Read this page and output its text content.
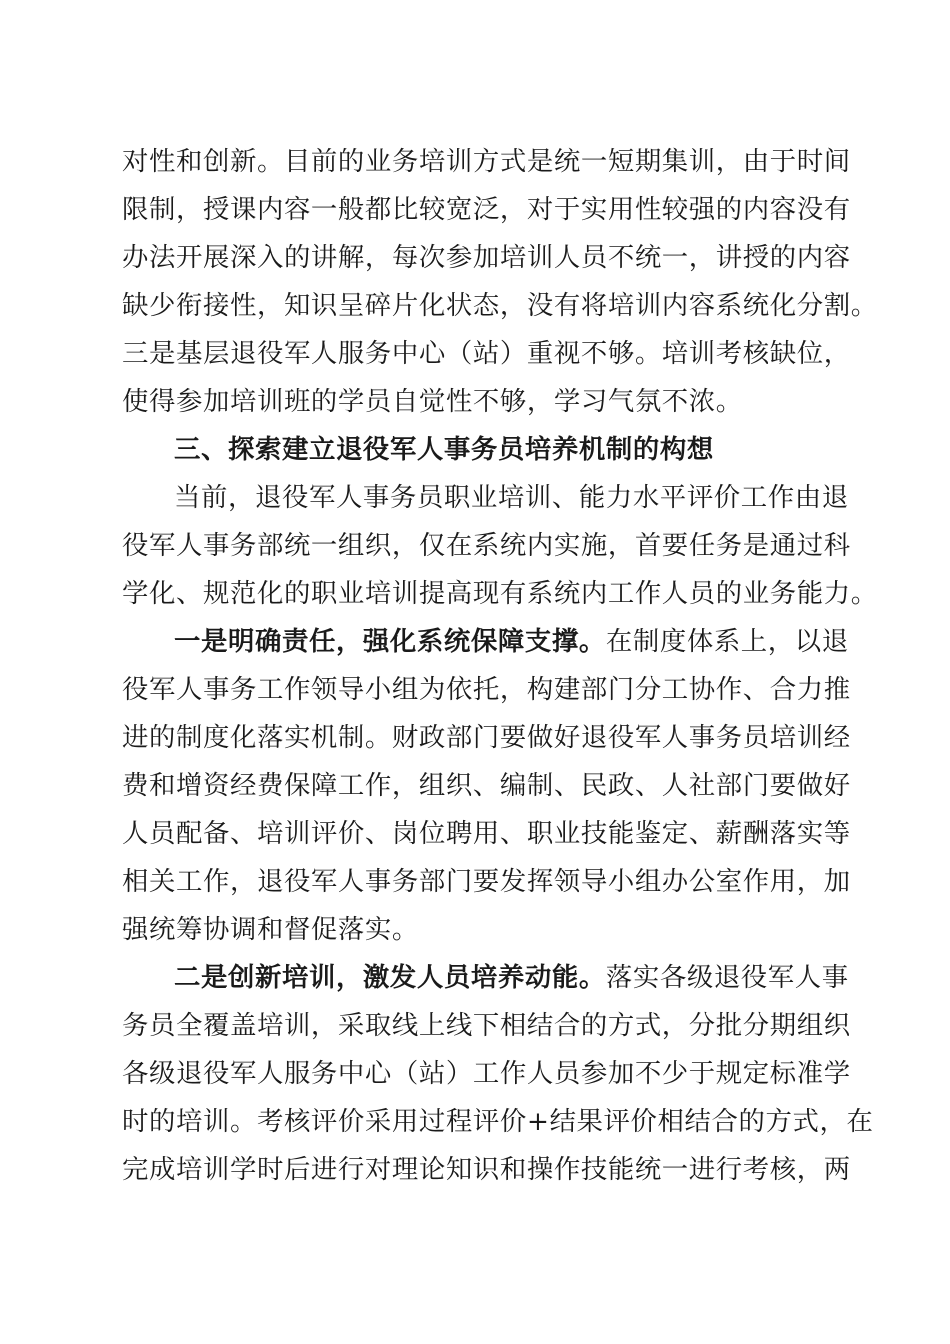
对性和创新。目前的业务培训方式是统一短期集训，由于时间
限制，授课内容一般都比较宽泛，对于实用性较强的内容没有
办法开展深入的讲解，每次参加培训人员不统一，讲授的内容
缺少衔接性，知识呈碎片化状态，没有将培训内容系统化分割。
三是基层退役军人服务中心（站）重视不够。培训考核缺位，
使得参加培训班的学员自觉性不够，学习气氛不浓。
三、探索建立退役军人事务员培养机制的构想
当前，退役军人事务员职业培训、能力水平评价工作由退
役军人事务部统一组织，仅在系统内实施，首要任务是通过科
学化、规范化的职业培训提高现有系统内工作人员的业务能力。
一是明确责任，强化系统保障支撑。在制度体系上，以退
役军人事务工作领导小组为依托，构建部门分工协作、合力推
进的制度化落实机制。财政部门要做好退役军人事务员培训经
费和增资经费保障工作，组织、编制、民政、人社部门要做好
人员配备、培训评价、岗位聘用、职业技能鉴定、薪酬落实等
相关工作，退役军人事务部门要发挥领导小组办公室作用，加
强统筹协调和督促落实。
二是创新培训，激发人员培养动能。落实各级退役军人事
务员全覆盖培训，采取线上线下相结合的方式，分批分期组织
各级退役军人服务中心（站）工作人员参加不少于规定标准学
时的培训。考核评价采用过程评价+结果评价相结合的方式，在
完成培训学时后进行对理论知识和操作技能统一进行考核，两
